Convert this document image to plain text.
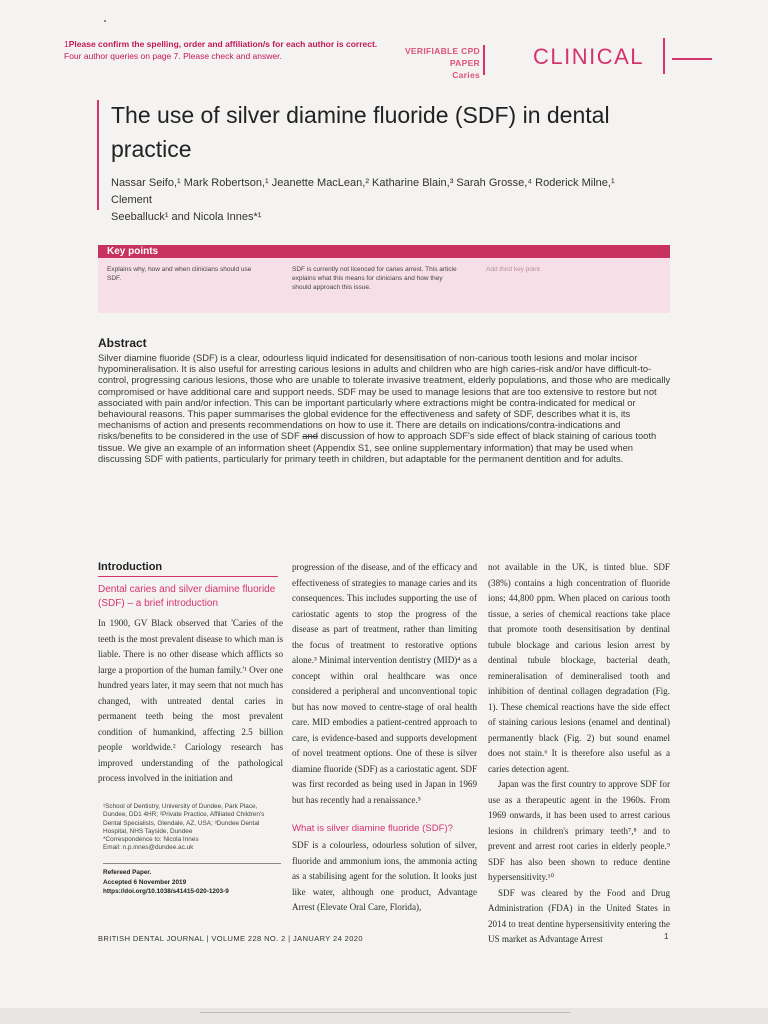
1Please confirm the spelling, order and affiliation/s for each author is correct.
Four author queries on page 7. Please check and answer.	VERIFIABLE CPD PAPER
Caries
CLINICAL
The use of silver diamine fluoride (SDF) in dental practice
Nassar Seifo,¹ Mark Robertson,¹ Jeanette MacLean,² Katharine Blain,³ Sarah Grosse,⁴ Roderick Milne,¹ Clement
Seeballuck¹ and Nicola Innes*¹
Key points
Explains why, how and when clinicians should use SDF.
SDF is currently not licenced for caries arrest. This article explains what this means for clinicians and how they should approach this issue.
Add third key point.
Abstract
Silver diamine fluoride (SDF) is a clear, odourless liquid indicated for desensitisation of non-carious tooth lesions and molar incisor hypomineralisation. It is also useful for arresting carious lesions in adults and children who are high caries-risk and/or have difficult-to-control, progressing carious lesions, those who are unable to tolerate invasive treatment, elderly populations, and those who are medically compromised or have additional care and support needs. SDF may be used to manage lesions that are too extensive to restore but not associated with pain and/or infection. This can be important particularly where extractions might be contra-indicated for medical or behavioural reasons. This paper summarises the global evidence for the effectiveness and safety of SDF, describes what it is, its mechanisms of action and presents recommendations on how to use it. There are details on indications/contra-indications and risks/benefits to be considered in the use of SDF and discussion of how to approach SDF's side effect of black staining of carious tooth tissue. We give an example of an information sheet (Appendix S1, see online supplementary information) that may be used when discussing SDF with patients, particularly for primary teeth in children, but adaptable for the permanent dentition and for adults.
Introduction
Dental caries and silver diamine fluoride (SDF) – a brief introduction

In 1900, GV Black observed that 'Caries of the teeth is the most prevalent disease to which man is liable. There is no other disease which afflicts so large a proportion of the human family.'¹ Over one hundred years later, it may seem that not much has changed, with untreated dental caries in permanent teeth being the most prevalent condition of humankind, affecting 2.5 billion people worldwide.² Cariology research has improved understanding of the pathological process involved in the initiation and

progression of the disease, and of the efficacy and effectiveness of strategies to manage caries and its consequences. This includes supporting the use of cariostatic agents to stop the progress of the disease as part of treatment, rather than limiting the focus of treatment to restorative options alone.³ Minimal intervention dentistry (MID)⁴ as a concept within oral healthcare was once considered a peripheral and unconventional topic but has now moved to centre-stage of oral health care. MID embodies a patient-centred approach to care, is evidence-based and supports development of novel treatment options. One of these is silver diamine fluoride (SDF) as a cariostatic agent. SDF was first recorded as being used in Japan in 1969 but has recently had a renaissance.⁵

What is silver diamine fluoride (SDF)?

SDF is a colourless, odourless solution of silver, fluoride and ammonium ions, the ammonia acting as a stabilising agent for the solution. It looks just like water, although one product, Advantage Arrest (Elevate Oral Care, Florida),

not available in the UK, is tinted blue. SDF (38%) contains a high concentration of fluoride ions; 44,800 ppm. When placed on carious tooth tissue, a series of chemical reactions take place that promote tooth desensitisation by dentinal tubule blockage and carious lesion arrest by dentinal tubule blockage, bacterial death, remineralisation of demineralised tooth and inhibition of dentinal collagen degradation (Fig. 1). These chemical reactions have the side effect of staining carious lesions (enamel and dentinal) permanently black (Fig. 2) but sound enamel does not stain.⁶ It is therefore also useful as a caries detection agent.

Japan was the first country to approve SDF for use as a therapeutic agent in the 1960s. From 1969 onwards, it has been used to arrest carious lesions in children's primary teeth⁷,⁸ and to prevent and arrest root caries in elderly people.⁹ SDF has also been shown to reduce dentine hypersensitivity.¹⁰

SDF was cleared by the Food and Drug Administration (FDA) in the United States in 2014 to treat dentine hypersensitivity entering the US market as Advantage Arrest

¹School of Dentistry, University of Dundee, Park Place, Dundee, DD1 4HR; ²Private Practice, Affiliated Children's Dental Specialists, Glendale, AZ, USA; ³Dundee Dental Hospital, NHS Tayside, Dundee
*Correspondence to: Nicola Innes
Email: n.p.innes@dundee.ac.uk
Refereed Paper.
Accepted 6 November 2019
https://doi.org/10.1038/s41415-020-1203-9
BRITISH DENTAL JOURNAL | VOLUME 228 NO. 2 | JANUARY 24 2020	1
